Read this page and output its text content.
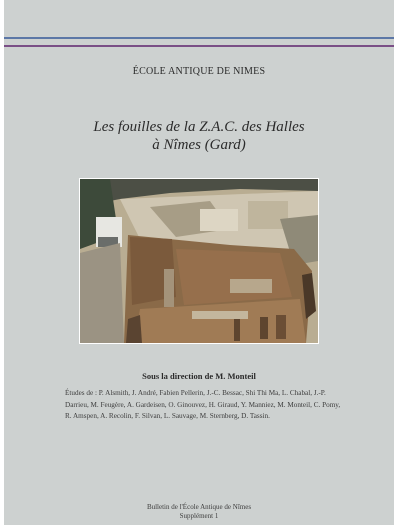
ÉCOLE ANTIQUE DE NIMES
Les fouilles de la Z.A.C. des Halles
à Nîmes (Gard)
Sous la direction de M. Monteil
Études de : P. Alsmith, J. André, Fabien Pellerin, J.-C. Bessac, Shi Thi Ma, L. Chabal, J.-P. Darrieu, M. Feugère, A. Gardeisen, O. Ginouvez, H. Giraud, Y. Manniez, M. Monteil, C. Pomy, R. Amspen, A. Recolin, F. Silvan, L. Sauvage, M. Sternberg, D. Tassin.
Bulletin de l'École Antique de Nîmes
Supplément 1
